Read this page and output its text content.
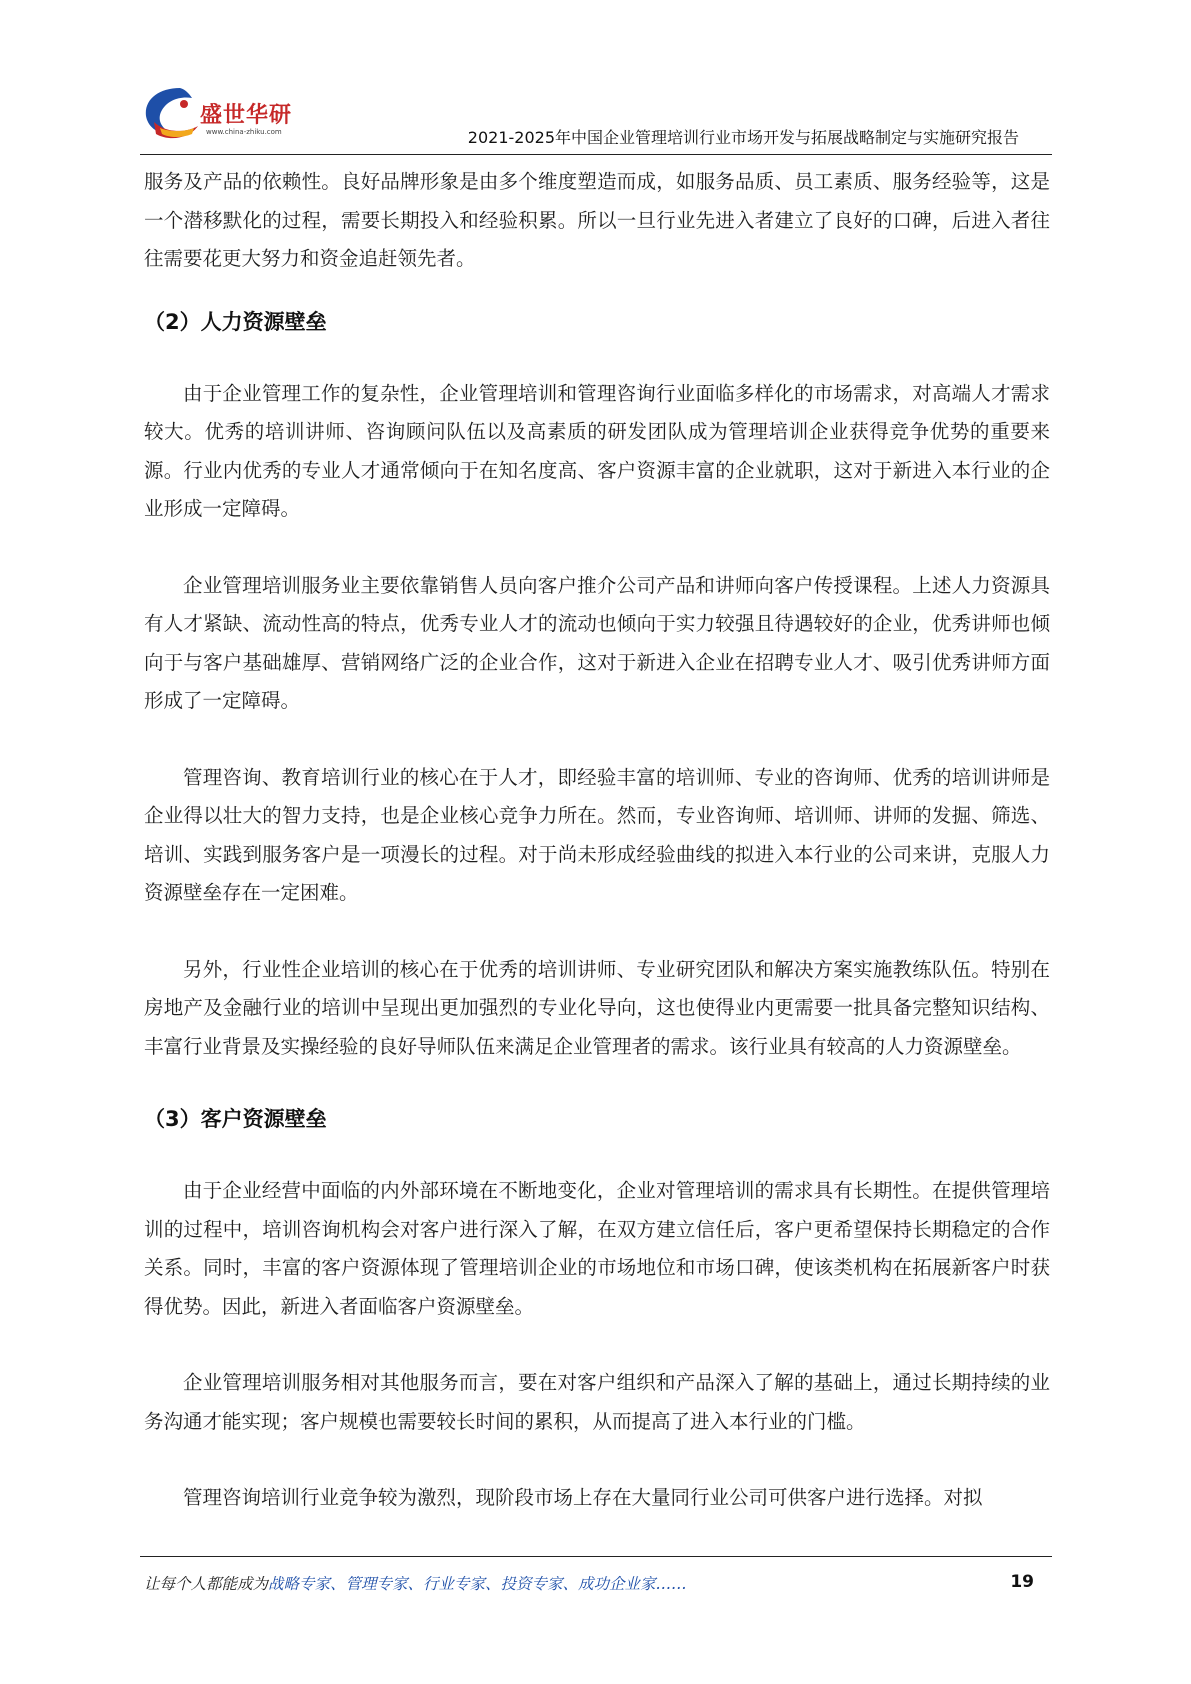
盛世华研
www.china-zhiku.com	2021-2025年中国企业管理培训行业市场开发与拓展战略制定与实施研究报告

服务及产品的依赖性。良好品牌形象是由多个维度塑造而成，如服务品质、员工素质、服务经验等，这是一个潜移默化的过程，需要长期投入和经验积累。所以一旦行业先进入者建立了良好的口碑，后进入者往往需要花更大努力和资金追赶领先者。

（2）人力资源壁垒

由于企业管理工作的复杂性，企业管理培训和管理咨询行业面临多样化的市场需求，对高端人才需求较大。优秀的培训讲师、咨询顾问队伍以及高素质的研发团队成为管理培训企业获得竞争优势的重要来源。行业内优秀的专业人才通常倾向于在知名度高、客户资源丰富的企业就职，这对于新进入本行业的企业形成一定障碍。

企业管理培训服务业主要依靠销售人员向客户推介公司产品和讲师向客户传授课程。上述人力资源具有人才紧缺、流动性高的特点，优秀专业人才的流动也倾向于实力较强且待遇较好的企业，优秀讲师也倾向于与客户基础雄厚、营销网络广泛的企业合作，这对于新进入企业在招聘专业人才、吸引优秀讲师方面形成了一定障碍。

管理咨询、教育培训行业的核心在于人才，即经验丰富的培训师、专业的咨询师、优秀的培训讲师是企业得以壮大的智力支持，也是企业核心竞争力所在。然而，专业咨询师、培训师、讲师的发掘、筛选、培训、实践到服务客户是一项漫长的过程。对于尚未形成经验曲线的拟进入本行业的公司来讲，克服人力资源壁垒存在一定困难。

另外，行业性企业培训的核心在于优秀的培训讲师、专业研究团队和解决方案实施教练队伍。特别在房地产及金融行业的培训中呈现出更加强烈的专业化导向，这也使得业内更需要一批具备完整知识结构、丰富行业背景及实操经验的良好导师队伍来满足企业管理者的需求。该行业具有较高的人力资源壁垒。

（3）客户资源壁垒

由于企业经营中面临的内外部环境在不断地变化，企业对管理培训的需求具有长期性。在提供管理培训的过程中，培训咨询机构会对客户进行深入了解，在双方建立信任后，客户更希望保持长期稳定的合作关系。同时，丰富的客户资源体现了管理培训企业的市场地位和市场口碑，使该类机构在拓展新客户时获得优势。因此，新进入者面临客户资源壁垒。

企业管理培训服务相对其他服务而言，要在对客户组织和产品深入了解的基础上，通过长期持续的业务沟通才能实现；客户规模也需要较长时间的累积，从而提高了进入本行业的门槛。

管理咨询培训行业竞争较为激烈，现阶段市场上存在大量同行业公司可供客户进行选择。对拟

让每个人都能成为战略专家、管理专家、行业专家、投资专家、成功企业家……	19
